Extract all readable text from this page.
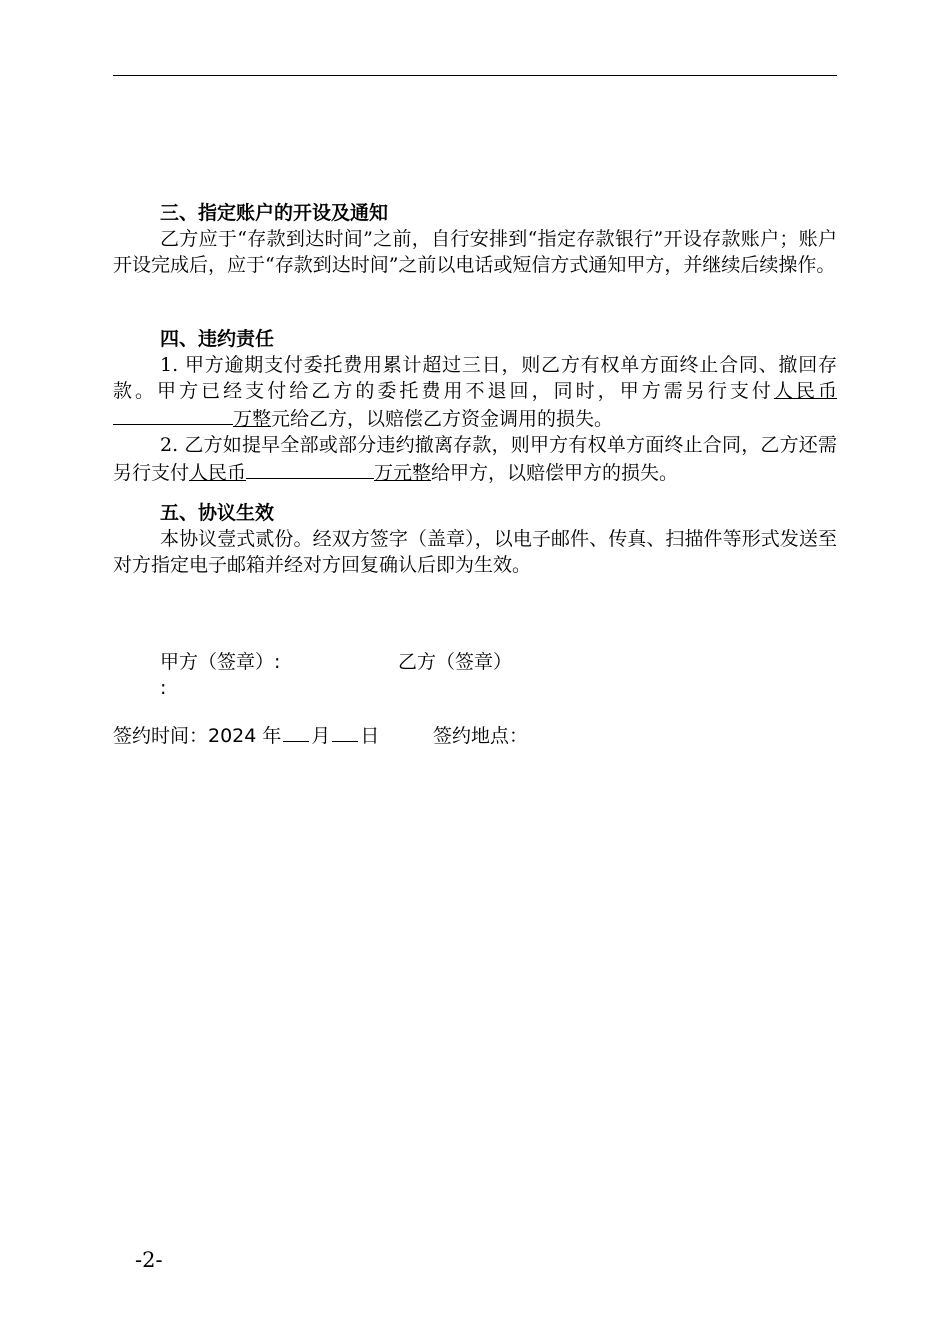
三、指定账户的开设及通知

乙方应于“存款到达时间”之前，自行安排到“指定存款银行”开设存款账户；账户开设完成后，应于“存款到达时间”之前以电话或短信方式通知甲方，并继续后续操作。

四、违约责任

1. 甲方逾期支付委托费用累计超过三日，则乙方有权单方面终止合同、撤回存款。甲方已经支付给乙方的委托费用不退回，同时，甲方需另行支付人民币万整元给乙方，以赔偿乙方资金调用的损失。

2. 乙方如提早全部或部分违约撤离存款，则甲方有权单方面终止合同，乙方还需另行支付人民币	万元整给甲方，以赔偿甲方的损失。

五、协议生效

本协议壹式贰份。经双方签字（盖章），以电子邮件、传真、扫描件等形式发送至对方指定电子邮箱并经对方回复确认后即为生效。

甲方（签章）:
:
乙方（签章）
签约时间：2024 年 月 日	签约地点：
-2-
